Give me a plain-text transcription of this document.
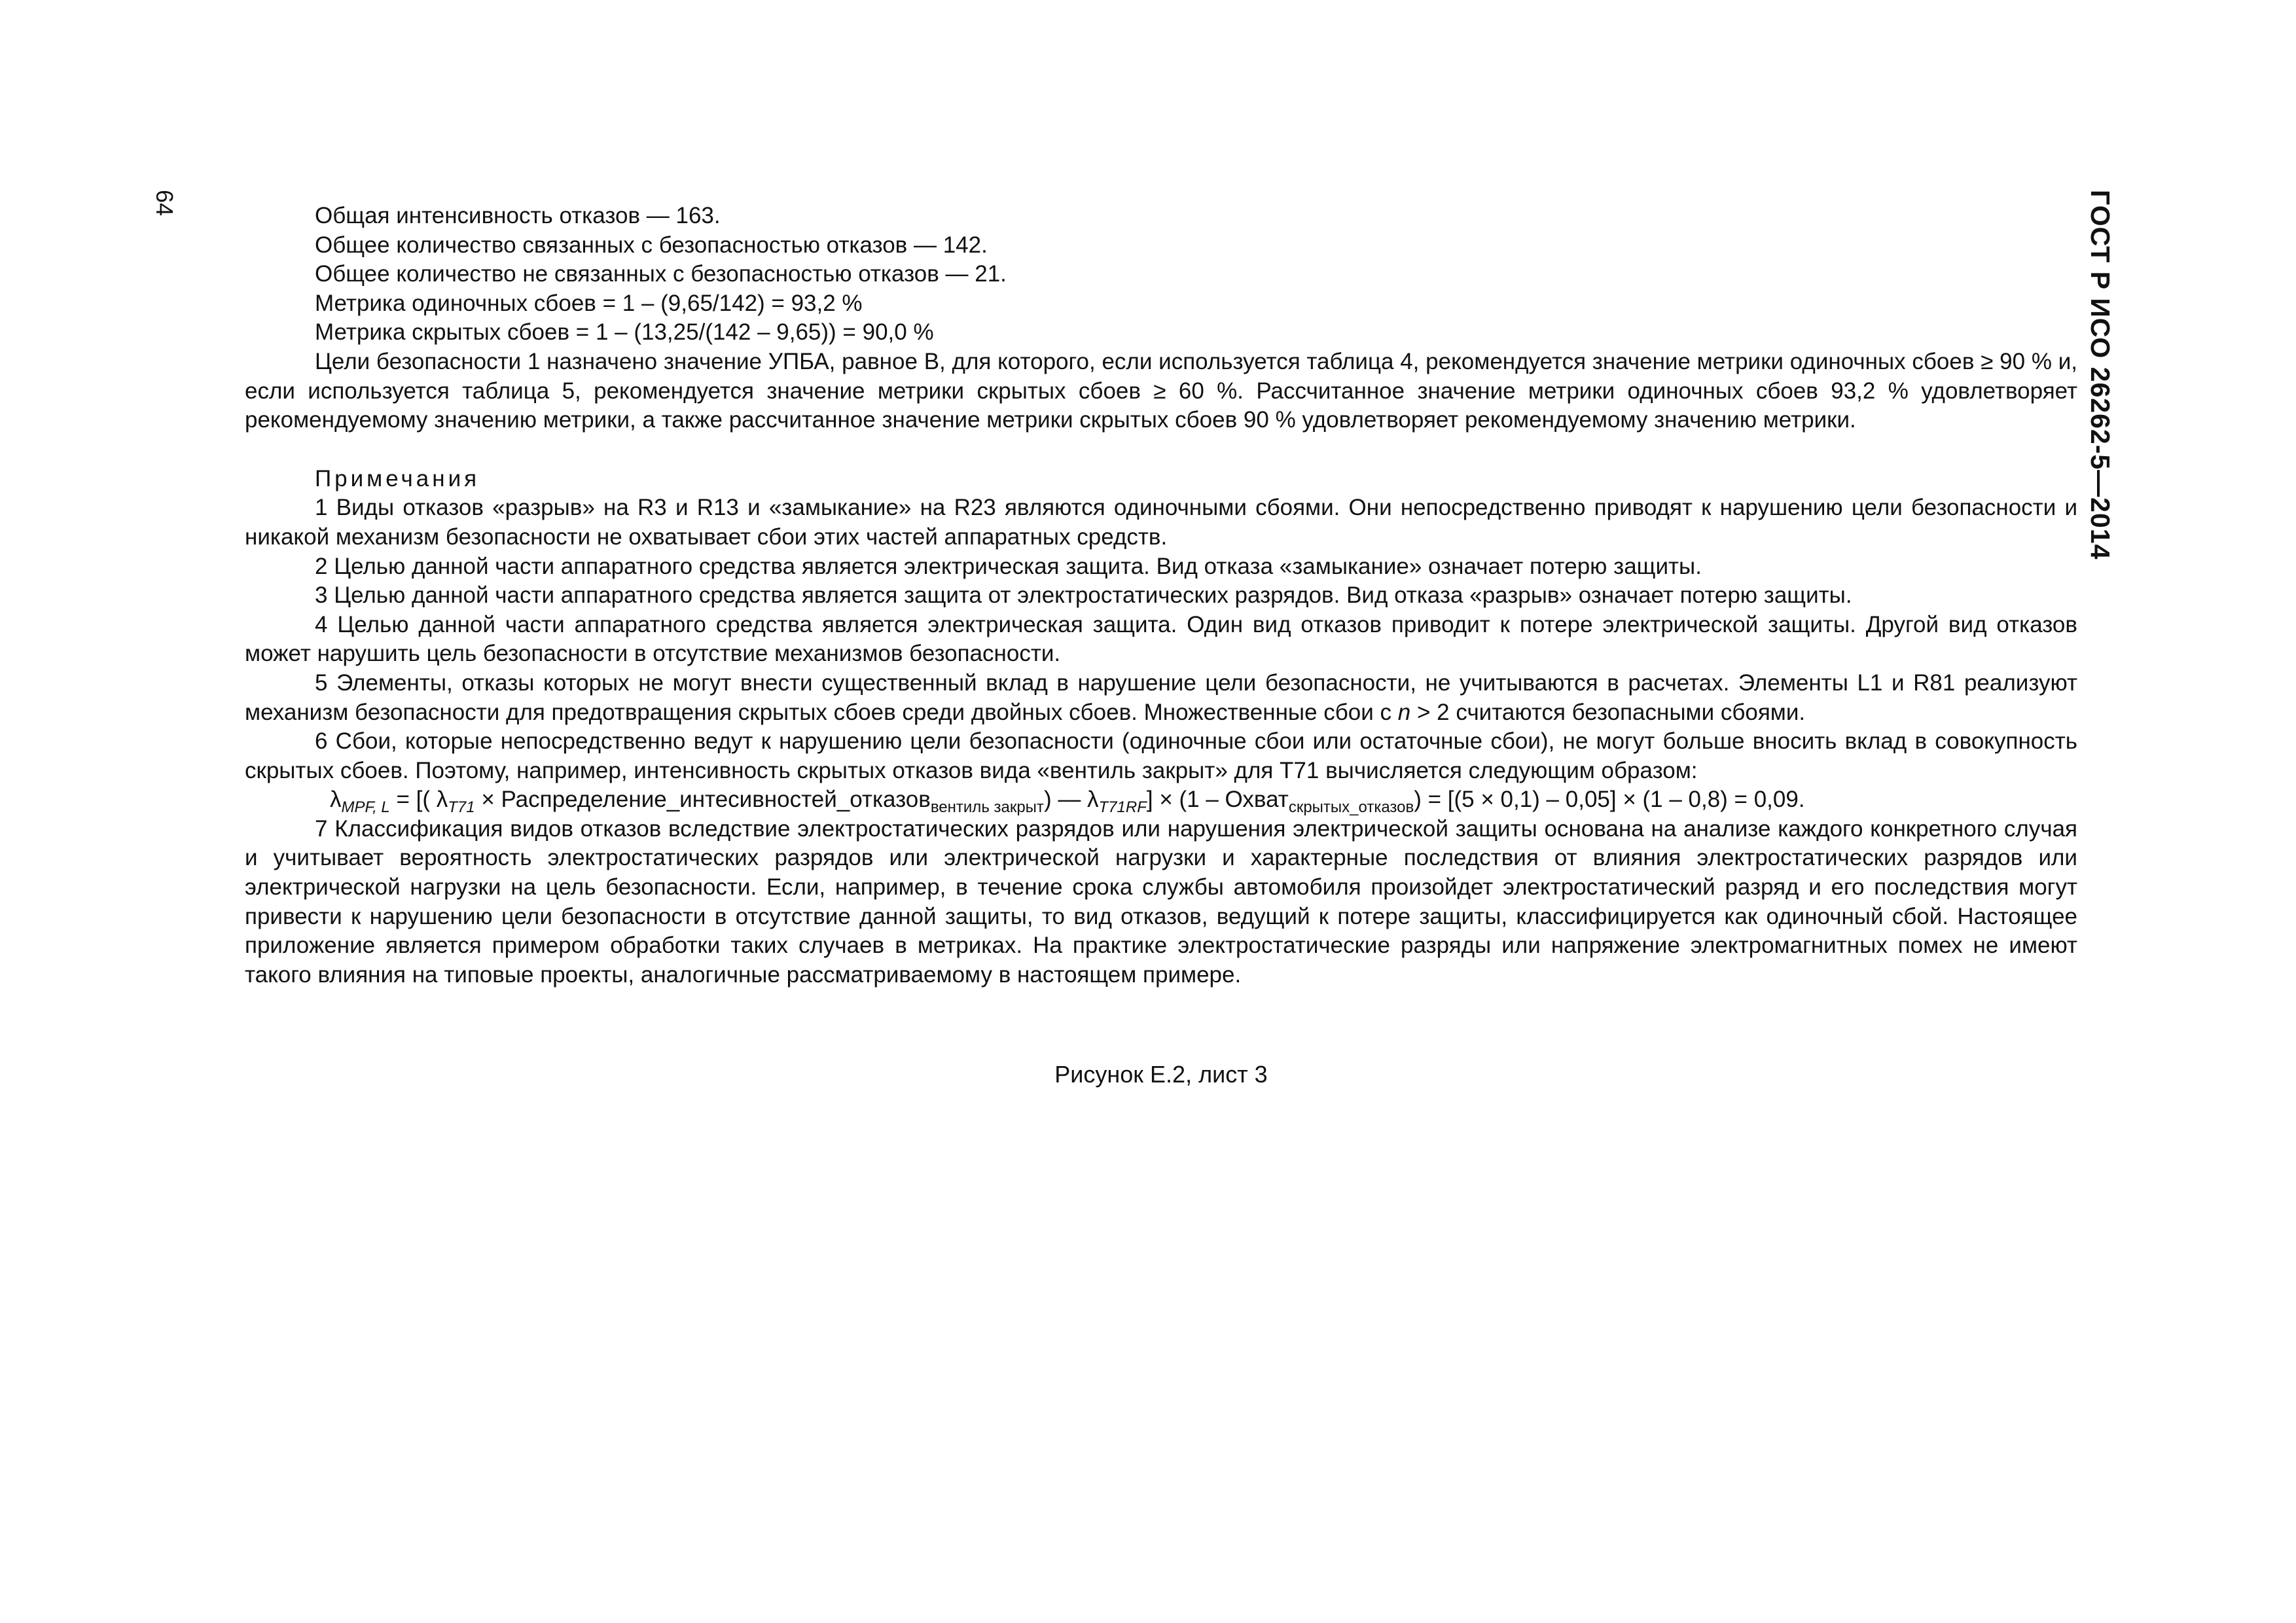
64	ГОСТ Р ИСО 26262-5—2014

Общая интенсивность отказов — 163.

Общее количество связанных с безопасностью отказов — 142.

Общее количество не связанных с безопасностью отказов — 21.

Метрика одиночных сбоев = 1 – (9,65/142) = 93,2 %

Метрика скрытых сбоев = 1 – (13,25/(142 – 9,65)) = 90,0 %

Цели безопасности 1 назначено значение УПБА, равное В, для которого, если используется таблица 4, рекомендуется значение метрики одиночных сбоев ≥ 90 % и, если используется таблица 5, рекомендуется значение метрики скрытых сбоев ≥ 60 %. Рассчитанное значение метрики одиночных сбоев 93,2 % удовлетворяет рекомендуемому значению метрики, а также рассчитанное значение метрики скрытых сбоев 90 % удовлетворяет рекомендуемому значению метрики.

Примечания

1 Виды отказов «разрыв» на R3 и R13 и «замыкание» на R23 являются одиночными сбоями. Они непосредственно приводят к нарушению цели безопасности и никакой механизм безопасности не охватывает сбои этих частей аппаратных средств.

2 Целью данной части аппаратного средства является электрическая защита. Вид отказа «замыкание» означает потерю защиты.

3 Целью данной части аппаратного средства является защита от электростатических разрядов. Вид отказа «разрыв» означает потерю защиты.

4 Целью данной части аппаратного средства является электрическая защита. Один вид отказов приводит к потере электрической защиты. Другой вид отказов может нарушить цель безопасности в отсутствие механизмов безопасности.

5 Элементы, отказы которых не могут внести существенный вклад в нарушение цели безопасности, не учитываются в расчетах. Элементы L1 и R81 реализуют механизм безопасности для предотвращения скрытых сбоев среди двойных сбоев. Множественные сбои с n > 2 считаются безопасными сбоями.

6 Сбои, которые непосредственно ведут к нарушению цели безопасности (одиночные сбои или остаточные сбои), не могут больше вносить вклад в совокупность скрытых сбоев. Поэтому, например, интенсивность скрытых отказов вида «вентиль закрыт» для Т71 вычисляется следующим образом:

$\lambda_{MPF, L}$ = [( $\lambda_{T71}$ × Распределение_интесивностей_отказов$_{вентиль закрыт}$) — $\lambda_{T71RF}] \times (1$ – Охват$_{скрытых\_отказов}$) = [(5 × 0,1) – 0,05] × (1 – 0,8) = 0,09.

7 Классификация видов отказов вследствие электростатических разрядов или нарушения электрической защиты основана на анализе каждого конкретного случая и учитывает вероятность электростатических разрядов или электрической нагрузки и характерные последствия от влияния электростатических разрядов или электрической нагрузки на цель безопасности. Если, например, в течение срока службы автомобиля произойдет электростатический разряд и его последствия могут привести к нарушению цели безопасности в отсутствие данной защиты, то вид отказов, ведущий к потере защиты, классифицируется как одиночный сбой. Настоящее приложение является примером обработки таких случаев в метриках. На практике электростатические разряды или напряжение электромагнитных помех не имеют такого влияния на типовые проекты, аналогичные рассматриваемому в настоящем примере.

Рисунок Е.2, лист 3
